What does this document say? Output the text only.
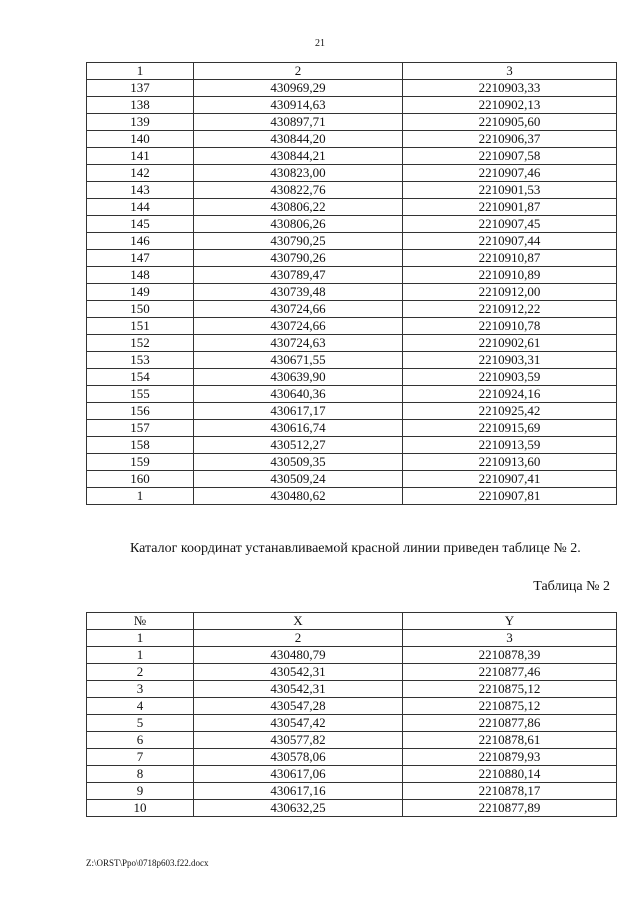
21
1	2	3
137	430969,29	2210903,33
138	430914,63	2210902,13
139	430897,71	2210905,60
140	430844,20	2210906,37
141	430844,21	2210907,58
142	430823,00	2210907,46
143	430822,76	2210901,53
144	430806,22	2210901,87
145	430806,26	2210907,45
146	430790,25	2210907,44
147	430790,26	2210910,87
148	430789,47	2210910,89
149	430739,48	2210912,00
150	430724,66	2210912,22
151	430724,66	2210910,78
152	430724,63	2210902,61
153	430671,55	2210903,31
154	430639,90	2210903,59
155	430640,36	2210924,16
156	430617,17	2210925,42
157	430616,74	2210915,69
158	430512,27	2210913,59
159	430509,35	2210913,60
160	430509,24	2210907,41
1	430480,62	2210907,81
Каталог координат устанавливаемой красной линии приведен таблице № 2.
Таблица № 2
№	X	Y
1	2	3
1	430480,79	2210878,39
2	430542,31	2210877,46
3	430542,31	2210875,12
4	430547,28	2210875,12
5	430547,42	2210877,86
6	430577,82	2210878,61
7	430578,06	2210879,93
8	430617,06	2210880,14
9	430617,16	2210878,17
10	430632,25	2210877,89
Z:\ORST\Ppo\0718p603.f22.docx
